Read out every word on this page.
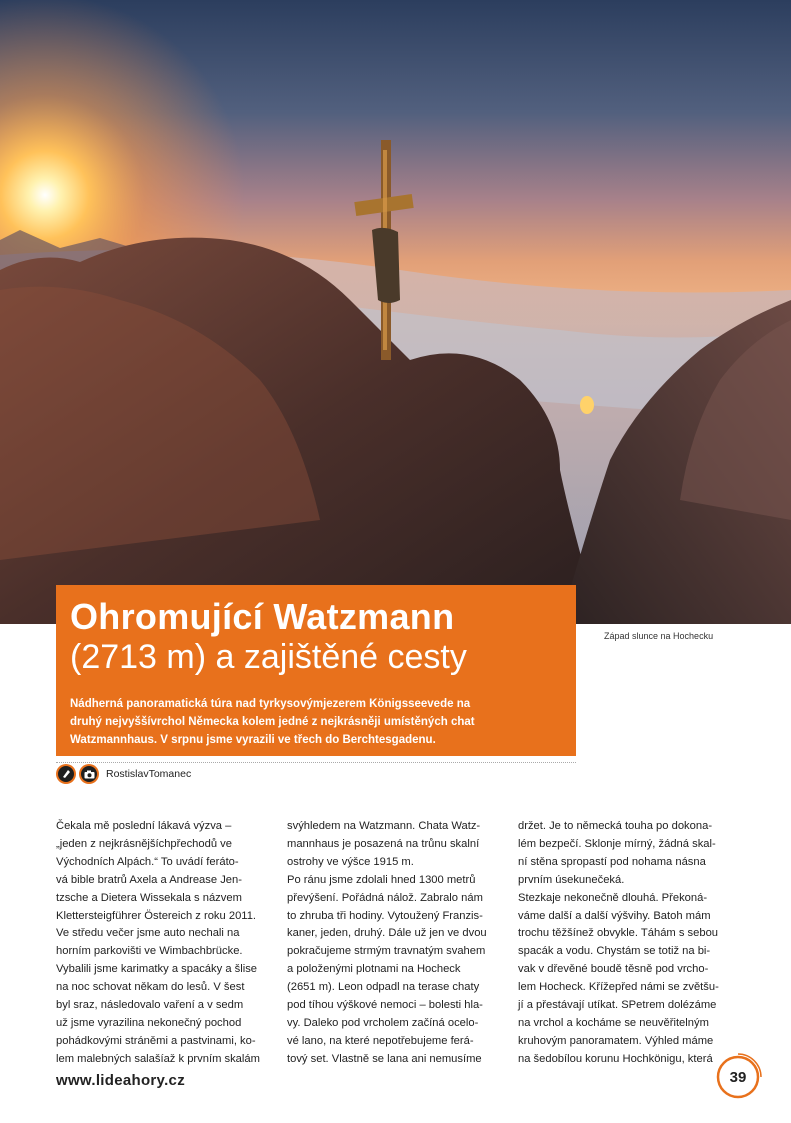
Ohromující Watzmann
(2713 m) a zajištěné cesty
Nádherná panoramatická túra nad tyrkysovýmjezerem Königsseevede na
druhý nejvyššívrchol Německa kolem jedné z nejkrásněji umístěných chat
Watzmannhaus. V srpnu jsme vyrazili ve třech do Berchtesgadenu.
Západ slunce na Hochecku
RostislavTomanec
Čekala mě poslední lákavá výzva –
„jeden z nejkrásnějšíchpřechodů ve
Východních Alpách.“ To uvádí feráto-
vá bible bratrů Axela a Andrease Jen-
tzsche a Dietera Wissekala s názvem
Klettersteigführer Östereich z roku 2011.
Ve středu večer jsme auto nechali na
horním parkovišti ve Wimbachbrücke.
Vybalili jsme karimatky a spacáky a šlise
na noc schovat někam do lesů. V šest
byl sraz, následovalo vaření a v sedm
už jsme vyrazilina nekonečný pochod
pohádkovými stráněmi a pastvinami, ko-
lem malebných salašíaž k prvním skalám
svýhledem na Watzmann. Chata Watz-
mannhaus je posazená na trůnu skalní
ostrohy ve výšce 1915 m.
Po ránu jsme zdolali hned 1300 metrů
převýšení. Pořádná nálož. Zabralo nám
to zhruba tři hodiny. Vytoužený Franzis-
kaner, jeden, druhý. Dále už jen ve dvou
pokračujeme strmým travnatým svahem
a položenými plotnami na Hocheck
(2651 m). Leon odpadl na terase chaty
pod tíhou výškové nemoci – bolesti hla-
vy. Daleko pod vrcholem začíná ocelo-
vé lano, na které nepotřebujeme ferá-
tový set. Vlastně se lana ani nemusíme
držet. Je to německá touha po dokona-
lém bezpečí. Sklonje mírný, žádná skal-
ní stěna spropastí pod nohama násna
prvním úsekunečeká.
Stezkaje nekonečně dlouhá. Překoná-
váme další a další výšvihy. Batoh mám
trochu těžšínež obvykle. Táhám s sebou
spacák a vodu. Chystám se totiž na bi-
vak v dřevěné boudě těsně pod vrcho-
lem Hocheck. Křížepřed námi se zvětšu-
jí a přestávají utíkat. SPetrem dolézáme
na vrchol a kocháme se neuvěřitelným
kruhovým panoramatem. Výhled máme
na šedobílou korunu Hochkönigu, která
www.lideahory.cz	39
